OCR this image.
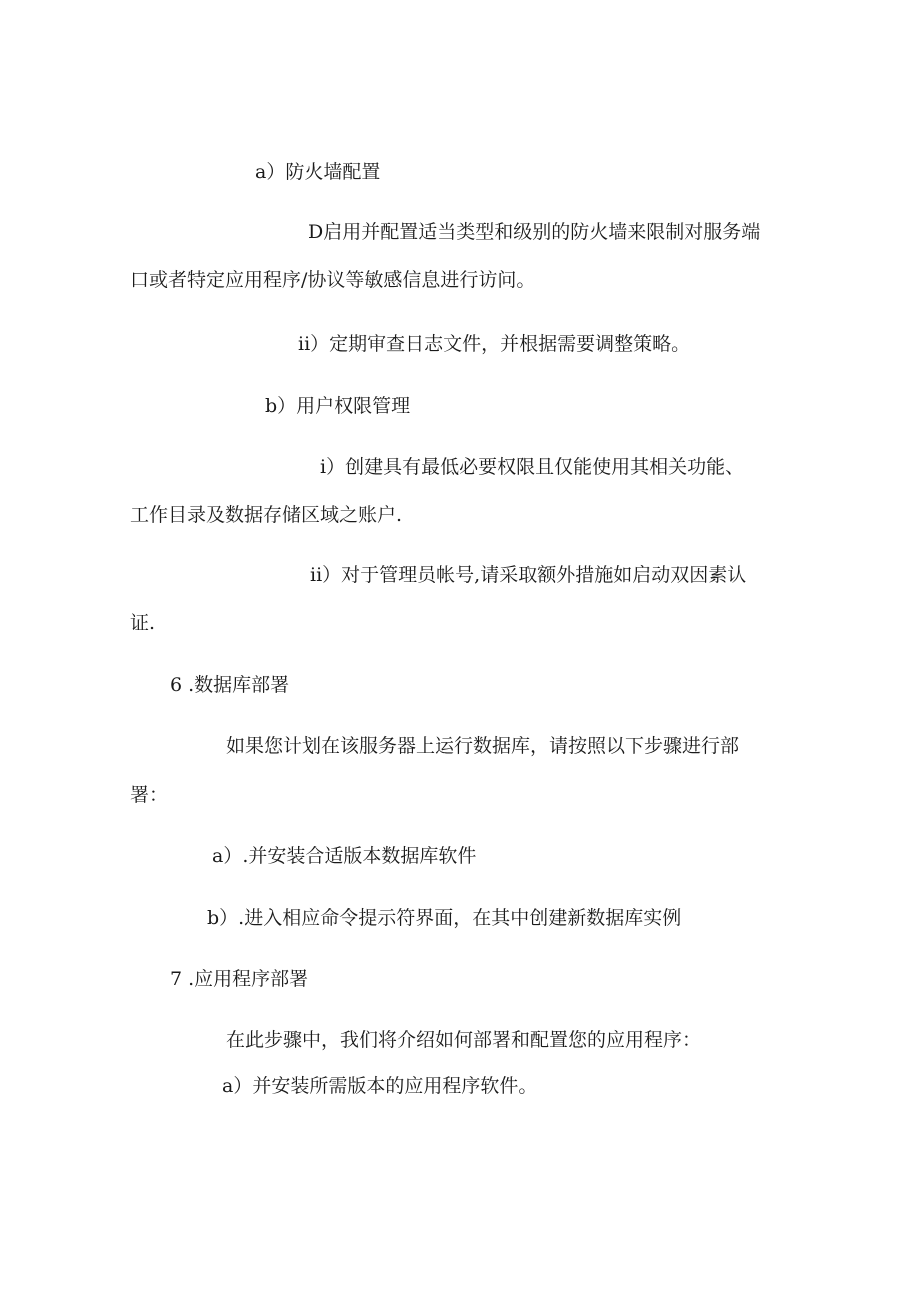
a）防火墙配置
D启用并配置适当类型和级别的防火墙来限制对服务端
口或者特定应用程序/协议等敏感信息进行访问。
ii）定期审查日志文件，并根据需要调整策略。
b）用户权限管理
i）创建具有最低必要权限且仅能使用其相关功能、
工作目录及数据存储区域之账户.
ii）对于管理员帐号,请采取额外措施如启动双因素认
证.
6 .数据库部署
如果您计划在该服务器上运行数据库，请按照以下步骤进行部
署：
a）.并安装合适版本数据库软件
b）.进入相应命令提示符界面，在其中创建新数据库实例
7 .应用程序部署
在此步骤中，我们将介绍如何部署和配置您的应用程序：
a）并安装所需版本的应用程序软件。
